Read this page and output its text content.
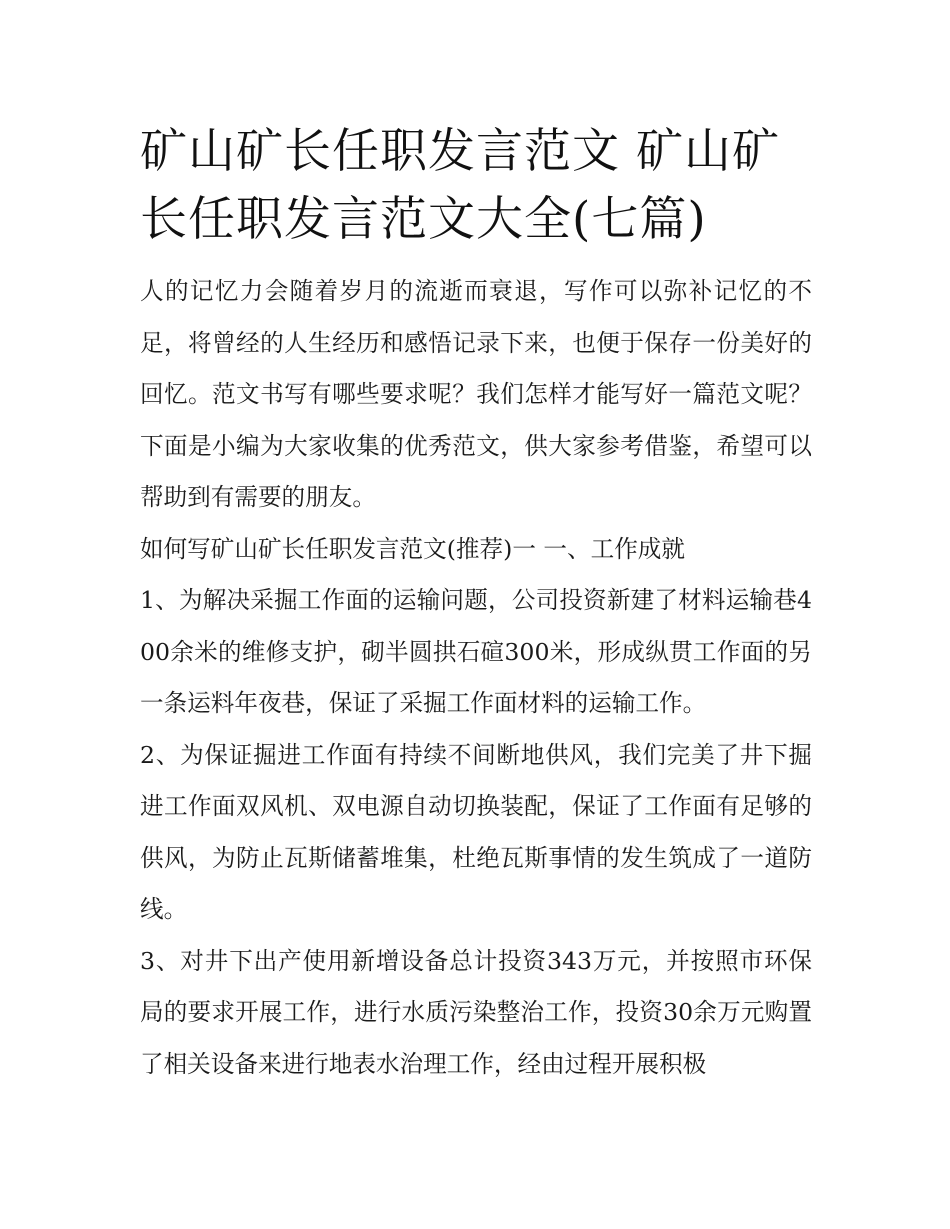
矿山矿长任职发言范文 矿山矿长任职发言范文大全(七篇)

人的记忆力会随着岁月的流逝而衰退，写作可以弥补记忆的不足，将曾经的人生经历和感悟记录下来，也便于保存一份美好的回忆。范文书写有哪些要求呢？我们怎样才能写好一篇范文呢？下面是小编为大家收集的优秀范文，供大家参考借鉴，希望可以帮助到有需要的朋友。

如何写矿山矿长任职发言范文(推荐)一 一、工作成就

1、为解决采掘工作面的运输问题，公司投资新建了材料运输巷400余米的维修支护，砌半圆拱石碹300米，形成纵贯工作面的另一条运料年夜巷，保证了采掘工作面材料的运输工作。

2、为保证掘进工作面有持续不间断地供风，我们完美了井下掘进工作面双风机、双电源自动切换装配，保证了工作面有足够的供风，为防止瓦斯储蓄堆集，杜绝瓦斯事情的发生筑成了一道防线。

3、对井下出产使用新增设备总计投资343万元，并按照市环保局的要求开展工作，进行水质污染整治工作，投资30余万元购置了相关设备来进行地表水治理工作，经由过程开展积极
